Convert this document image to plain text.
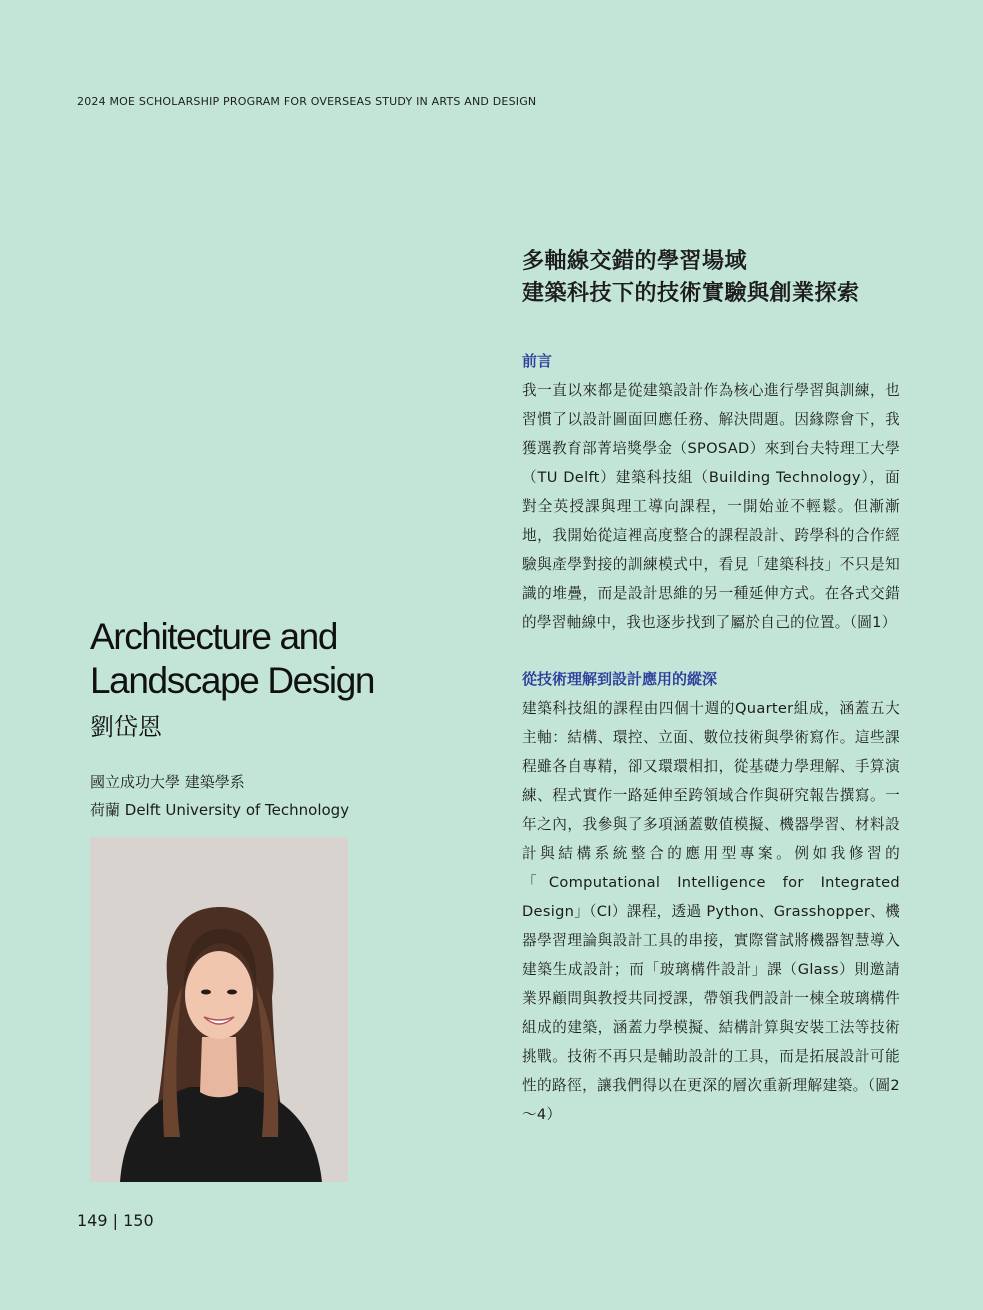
2024 MOE SCHOLARSHIP PROGRAM FOR OVERSEAS STUDY IN ARTS AND DESIGN
Architecture and
Landscape Design
劉岱恩
國立成功大學 建築學系
荷蘭 Delft University of Technology
149 | 150
多軸線交錯的學習場域
建築科技下的技術實驗與創業探索
前言

我一直以來都是從建築設計作為核心進行學習與訓練，也習慣了以設計圖面回應任務、解決問題。因緣際會下，我獲選教育部菁培獎學金（SPOSAD）來到台夫特理工大學（TU Delft）建築科技組（Building Technology），面對全英授課與理工導向課程，一開始並不輕鬆。但漸漸地，我開始從這裡高度整合的課程設計、跨學科的合作經驗與產學對接的訓練模式中，看見「建築科技」不只是知識的堆疊，而是設計思維的另一種延伸方式。在各式交錯的學習軸線中，我也逐步找到了屬於自己的位置。（圖1）

從技術理解到設計應用的縱深

建築科技組的課程由四個十週的Quarter組成，涵蓋五大主軸：結構、環控、立面、數位技術與學術寫作。這些課程雖各自專精，卻又環環相扣，從基礎力學理解、手算演練、程式實作一路延伸至跨領域合作與研究報告撰寫。一年之內，我參與了多項涵蓋數值模擬、機器學習、材料設計與結構系統整合的應用型專案。例如我修習的「Computational Intelligence for Integrated Design」（CI）課程，透過 Python、Grasshopper、機器學習理論與設計工具的串接，實際嘗試將機器智慧導入建築生成設計；而「玻璃構件設計」課（Glass）則邀請業界顧問與教授共同授課，帶領我們設計一棟全玻璃構件組成的建築，涵蓋力學模擬、結構計算與安裝工法等技術挑戰。技術不再只是輔助設計的工具，而是拓展設計可能性的路徑，讓我們得以在更深的層次重新理解建築。（圖2～4）
